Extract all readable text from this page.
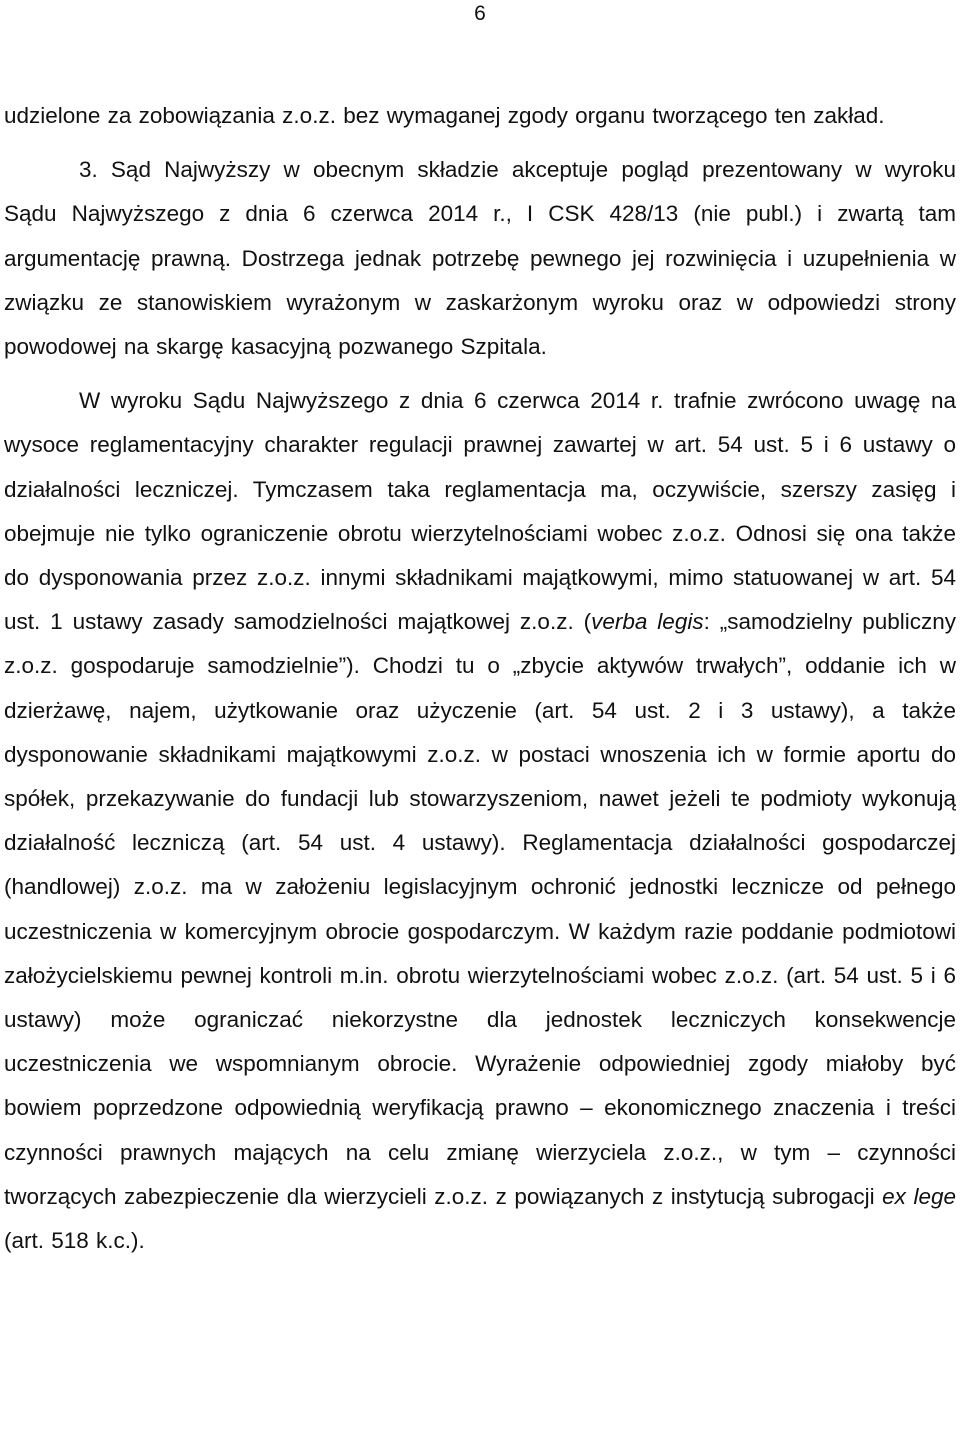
6

udzielone za zobowiązania z.o.z. bez wymaganej zgody organu tworzącego ten zakład.

3. Sąd Najwyższy w obecnym składzie akceptuje pogląd prezentowany w wyroku Sądu Najwyższego z dnia 6 czerwca 2014 r., I CSK 428/13 (nie publ.) i zwartą tam argumentację prawną. Dostrzega jednak potrzebę pewnego jej rozwinięcia i uzupełnienia w związku ze stanowiskiem wyrażonym w zaskarżonym wyroku oraz w odpowiedzi strony powodowej na skargę kasacyjną pozwanego Szpitala.

W wyroku Sądu Najwyższego z dnia 6 czerwca 2014 r. trafnie zwrócono uwagę na wysoce reglamentacyjny charakter regulacji prawnej zawartej w art. 54 ust. 5 i 6 ustawy o działalności leczniczej. Tymczasem taka reglamentacja ma, oczywiście, szerszy zasięg i obejmuje nie tylko ograniczenie obrotu wierzytelnościami wobec z.o.z. Odnosi się ona także do dysponowania przez z.o.z. innymi składnikami majątkowymi, mimo statuowanej w art. 54 ust. 1 ustawy zasady samodzielności majątkowej z.o.z. (verba legis: „samodzielny publiczny z.o.z. gospodaruje samodzielnie”). Chodzi tu o „zbycie aktywów trwałych”, oddanie ich w dzierżawę, najem, użytkowanie oraz użyczenie (art. 54 ust. 2 i 3 ustawy), a także dysponowanie składnikami majątkowymi z.o.z. w postaci wnoszenia ich w formie aportu do spółek, przekazywanie do fundacji lub stowarzyszeniom, nawet jeżeli te podmioty wykonują działalność leczniczą (art. 54 ust. 4 ustawy). Reglamentacja działalności gospodarczej (handlowej) z.o.z. ma w założeniu legislacyjnym ochronić jednostki lecznicze od pełnego uczestniczenia w komercyjnym obrocie gospodarczym. W każdym razie poddanie podmiotowi założycielskiemu pewnej kontroli m.in. obrotu wierzytelnościami wobec z.o.z. (art. 54 ust. 5 i 6 ustawy) może ograniczać niekorzystne dla jednostek leczniczych konsekwencje uczestniczenia we wspomnianym obrocie. Wyrażenie odpowiedniej zgody miałoby być bowiem poprzedzone odpowiednią weryfikacją prawno – ekonomicznego znaczenia i treści czynności prawnych mających na celu zmianę wierzyciela z.o.z., w tym – czynności tworzących zabezpieczenie dla wierzycieli z.o.z. z powiązanych z instytucją subrogacji ex lege (art. 518 k.c.).
